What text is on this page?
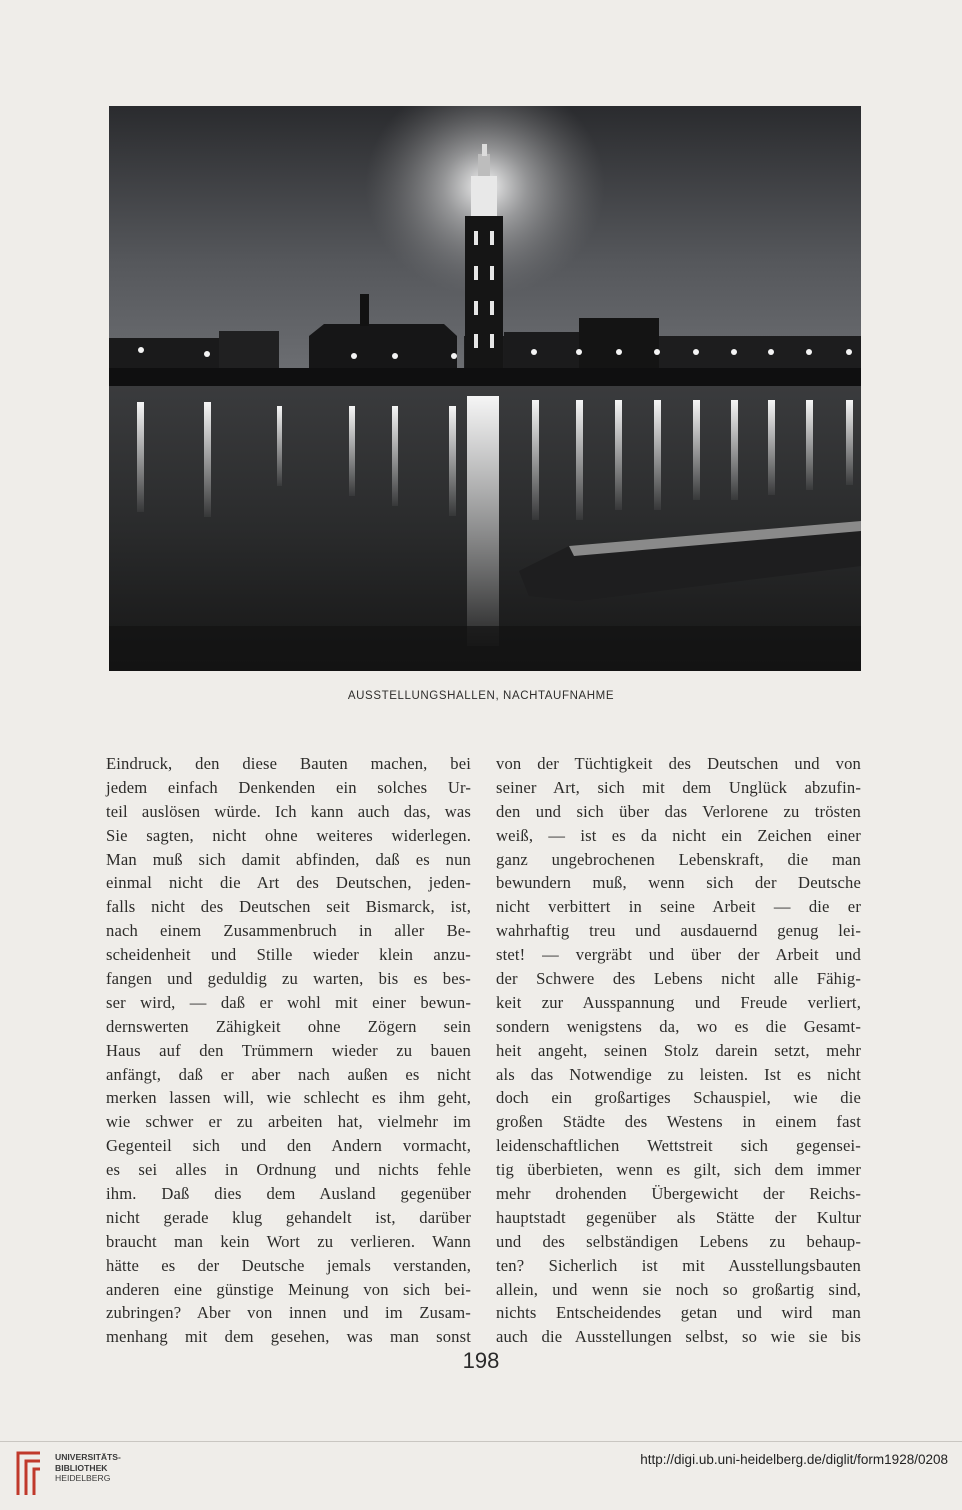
AUSSTELLUNGSHALLEN, NACHTAUFNAHME
Eindruck, den diese Bauten machen, bei
jedem einfach Denkenden ein solches Ur-
teil auslösen würde. Ich kann auch das, was
Sie sagten, nicht ohne weiteres widerlegen.
Man muß sich damit abfinden, daß es nun
einmal nicht die Art des Deutschen, jeden-
falls nicht des Deutschen seit Bismarck, ist,
nach einem Zusammenbruch in aller Be-
scheidenheit und Stille wieder klein anzu-
fangen und geduldig zu warten, bis es bes-
ser wird, — daß er wohl mit einer bewun-
dernswerten Zähigkeit ohne Zögern sein
Haus auf den Trümmern wieder zu bauen
anfängt, daß er aber nach außen es nicht
merken lassen will, wie schlecht es ihm geht,
wie schwer er zu arbeiten hat, vielmehr im
Gegenteil sich und den Andern vormacht,
es sei alles in Ordnung und nichts fehle
ihm. Daß dies dem Ausland gegenüber
nicht gerade klug gehandelt ist, darüber
braucht man kein Wort zu verlieren. Wann
hätte es der Deutsche jemals verstanden,
anderen eine günstige Meinung von sich bei-
zubringen? Aber von innen und im Zusam-
menhang mit dem gesehen, was man sonst
von der Tüchtigkeit des Deutschen und von
seiner Art, sich mit dem Unglück abzufin-
den und sich über das Verlorene zu trösten
weiß, — ist es da nicht ein Zeichen einer
ganz ungebrochenen Lebenskraft, die man
bewundern muß, wenn sich der Deutsche
nicht verbittert in seine Arbeit — die er
wahrhaftig treu und ausdauernd genug lei-
stet! — vergräbt und über der Arbeit und
der Schwere des Lebens nicht alle Fähig-
keit zur Ausspannung und Freude verliert,
sondern wenigstens da, wo es die Gesamt-
heit angeht, seinen Stolz darein setzt, mehr
als das Notwendige zu leisten. Ist es nicht
doch ein großartiges Schauspiel, wie die
großen Städte des Westens in einem fast
leidenschaftlichen Wettstreit sich gegensei-
tig überbieten, wenn es gilt, sich dem immer
mehr drohenden Übergewicht der Reichs-
hauptstadt gegenüber als Stätte der Kultur
und des selbständigen Lebens zu behaup-
ten? Sicherlich ist mit Ausstellungsbauten
allein, und wenn sie noch so großartig sind,
nichts Entscheidendes getan und wird man
auch die Ausstellungen selbst, so wie sie bis
198
UNIVERSITÄTS-
BIBLIOTHEK
HEIDELBERG
http://digi.ub.uni-heidelberg.de/diglit/form1928/0208
